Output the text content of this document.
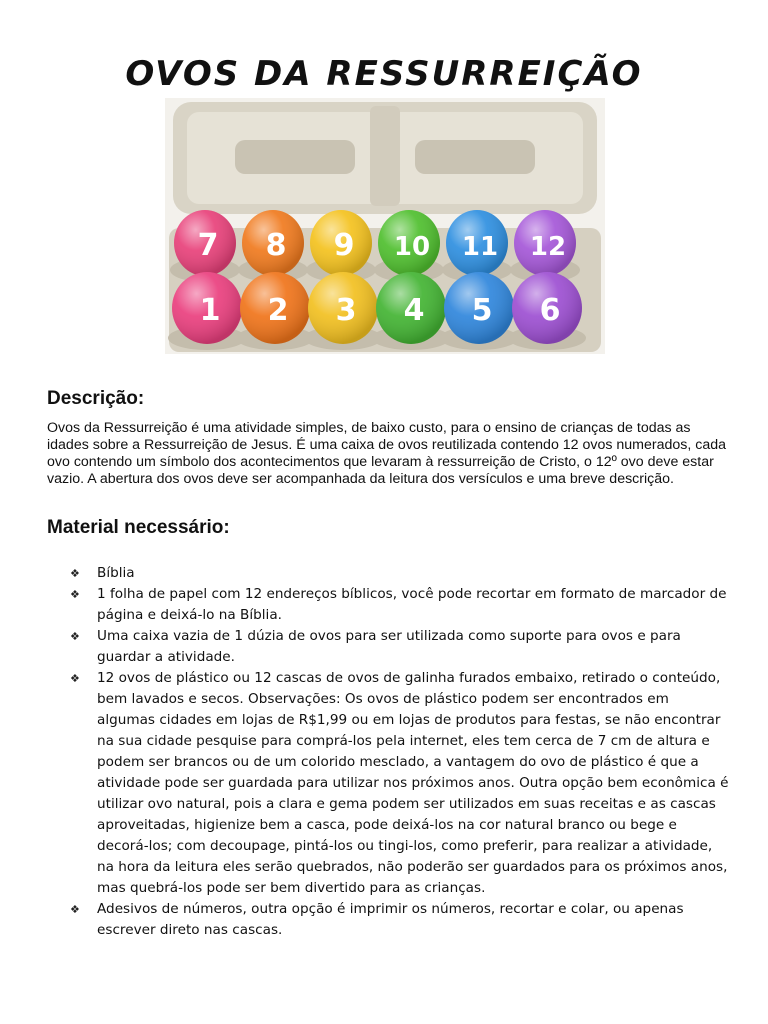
OVOS DA RESSURREIÇÃO
7 8 9 10 11 12
1 2 3 4 5 6
Descrição:
Ovos da Ressurreição é uma atividade simples, de baixo custo, para o ensino de crianças de todas as idades sobre a Ressurreição de Jesus. É uma caixa de ovos reutilizada contendo 12 ovos numerados, cada ovo contendo um símbolo dos acontecimentos que levaram à ressurreição de Cristo, o 12º ovo deve estar vazio. A abertura dos ovos deve ser acompanhada da leitura dos versículos e uma breve descrição.
Material necessário:
❖ Bíblia
❖ 1 folha de papel com 12 endereços bíblicos, você pode recortar em formato de marcador de página e deixá-lo na Bíblia.
❖ Uma caixa vazia de 1 dúzia de ovos para ser utilizada como suporte para ovos e para guardar a atividade.
❖ 12 ovos de plástico ou 12 cascas de ovos de galinha furados embaixo, retirado o conteúdo, bem lavados e secos. Observações: Os ovos de plástico podem ser encontrados em algumas cidades em lojas de R$1,99 ou em lojas de produtos para festas, se não encontrar na sua cidade pesquise para comprá-los pela internet, eles tem cerca de 7 cm de altura e podem ser brancos ou de um colorido mesclado, a vantagem do ovo de plástico é que a atividade pode ser guardada para utilizar nos próximos anos. Outra opção bem econômica é utilizar ovo natural, pois a clara e gema podem ser utilizados em suas receitas e as cascas aproveitadas, higienize bem a casca, pode deixá-los na cor natural branco ou bege e decorá-los; com decoupage, pintá-los ou tingi-los, como preferir, para realizar a atividade, na hora da leitura eles serão quebrados, não poderão ser guardados para os próximos anos, mas quebrá-los pode ser bem divertido para as crianças.
❖ Adesivos de números, outra opção é imprimir os números, recortar e colar, ou apenas escrever direto nas cascas.
